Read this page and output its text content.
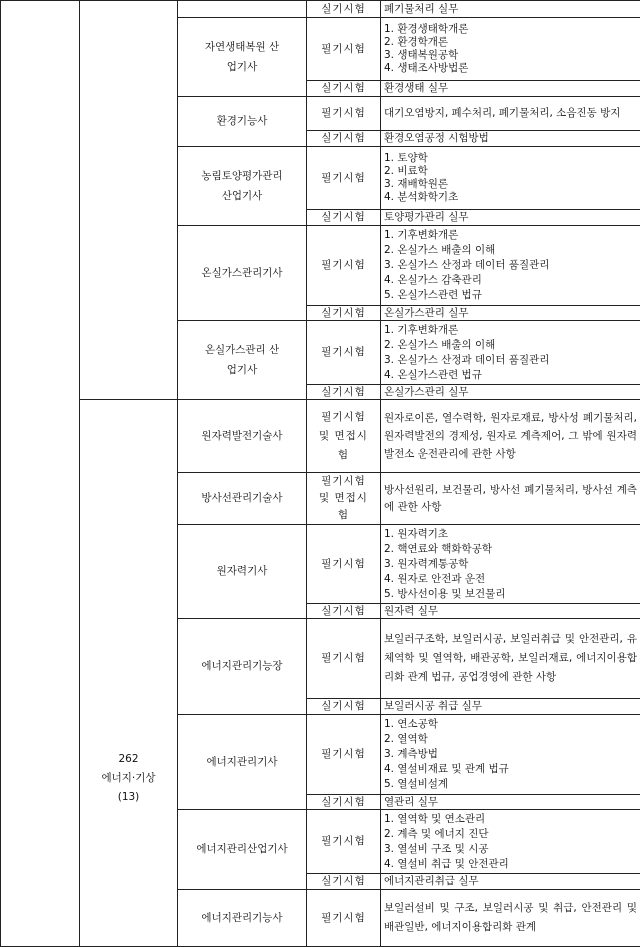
			실기시험	폐기물처리 실무

		자연생태복원 산업기사	필기시험	1. 환경생태학개론
2. 환경학개론
3. 생태복원공학
4. 생태조사방법론

			실기시험	환경생태 실무

		환경기능사	필기시험	대기오염방지, 폐수처리, 폐기물처리, 소음진동 방지

			실기시험	환경오염공정 시험방법

		농림토양평가관리 산업기사	필기시험	1. 토양학
2. 비료학
3. 재배학원론
4. 분석화학기초

			실기시험	토양평가관리 실무

		온실가스관리기사	필기시험	1. 기후변화개론
2. 온실가스 배출의 이해
3. 온실가스 산정과 데이터 품질관리
4. 온실가스 감축관리
5. 온실가스관련 법규

			실기시험	온실가스관리 실무

		온실가스관리 산업기사	필기시험	1. 기후변화개론
2. 온실가스 배출의 이해
3. 온실가스 산정과 데이터 품질관리
4. 온실가스관련 법규

			실기시험	온실가스관리 실무

	262
에너지·기상
(13)	원자력발전기술사	필기시험 및 면접시험	원자로이론, 열수력학, 원자로재료, 방사성 폐기물처리, 원자력발전의 경제성, 원자로 계측제어, 그 밖에 원자력발전소 운전관리에 관한 사항

		방사선관리기술사	필기시험 및 면접시험	방사선원리, 보건물리, 방사선 폐기물처리, 방사선 계측에 관한 사항

		원자력기사	필기시험	1. 원자력기초
2. 핵연료와 핵화학공학
3. 원자력계통공학
4. 원자로 안전과 운전
5. 방사선이용 및 보건물리

			실기시험	원자력 실무

		에너지관리기능장	필기시험	보일러구조학, 보일러시공, 보일러취급 및 안전관리, 유체역학 및 열역학, 배관공학, 보일러재료, 에너지이용합리화 관계 법규, 공업경영에 관한 사항

			실기시험	보일러시공 취급 실무

		에너지관리기사	필기시험	1. 연소공학
2. 열역학
3. 계측방법
4. 열설비재료 및 관계 법규
5. 열설비설계

			실기시험	열관리 실무

		에너지관리산업기사	필기시험	1. 열역학 및 연소관리
2. 계측 및 에너지 진단
3. 열설비 구조 및 시공
4. 열설비 취급 및 안전관리

			실기시험	에너지관리취급 실무

		에너지관리기능사	필기시험	보일러설비 및 구조, 보일러시공 및 취급, 안전관리 및 배관일반, 에너지이용합리화 관계
